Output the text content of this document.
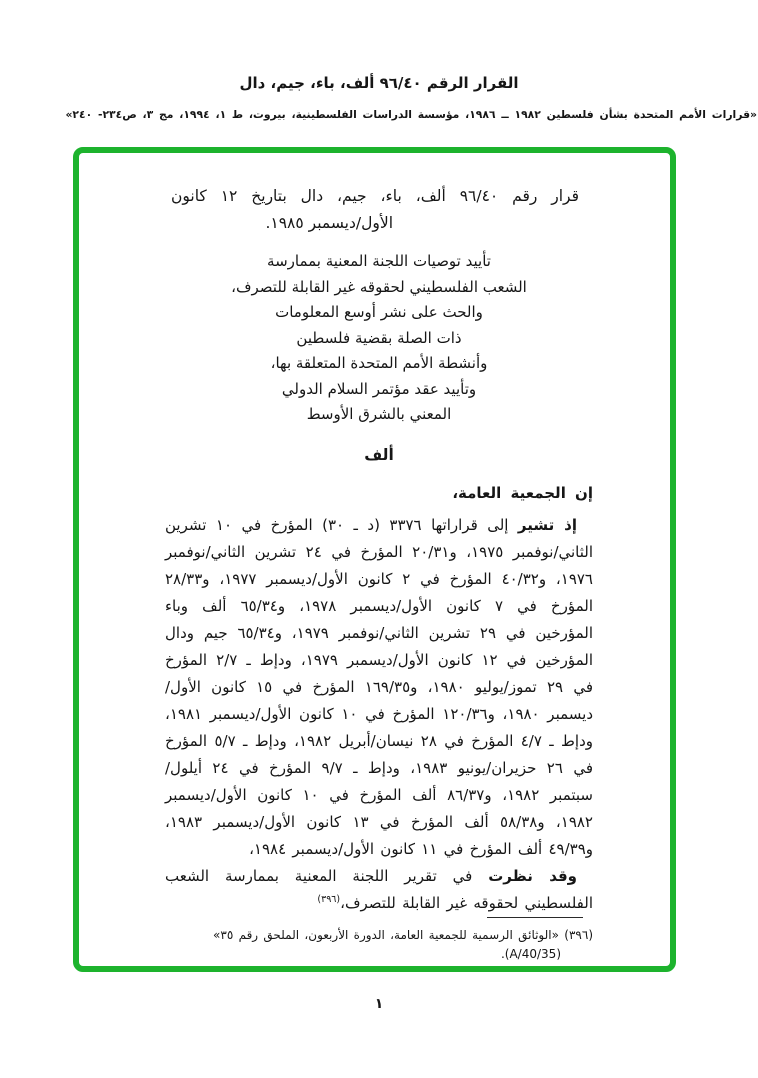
القرار الرقم ٩٦/٤٠ ألف، باء، جيم، دال
«قرارات الأمم المتحدة بشأن فلسطين ١٩٨٢ ــ ١٩٨٦، مؤسسة الدراسات الفلسطينية، بيروت، ط ١، ١٩٩٤، مج ٣، ص٢٣٤- ٢٤٠»
قرار رقم ٩٦/٤٠ ألف، باء، جيم، دال بتاريخ ١٢ كانون
الأول/ديسمبر ١٩٨٥.
تأييد توصيات اللجنة المعنية بممارسة
الشعب الفلسطيني لحقوقه غير القابلة للتصرف،
والحث على نشر أوسع المعلومات
ذات الصلة بقضية فلسطين
وأنشطة الأمم المتحدة المتعلقة بها،
وتأييد عقد مؤتمر السلام الدولي
المعني بالشرق الأوسط
ألف

إن الجمعية العامة،

إذ تشير إلى قراراتها ٣٣٧٦ (د ـ ٣٠) المؤرخ في ١٠ تشرين الثاني/نوفمبر ١٩٧٥، و٢٠/٣١ المؤرخ في ٢٤ تشرين الثاني/نوفمبر ١٩٧٦، و٤٠/٣٢ المؤرخ في ٢ كانون الأول/ديسمبر ١٩٧٧، و٢٨/٣٣ المؤرخ في ٧ كانون الأول/ديسمبر ١٩٧٨، و٦٥/٣٤ ألف وباء المؤرخين في ٢٩ تشرين الثاني/نوفمبر ١٩٧٩، و٦٥/٣٤ جيم ودال المؤرخين في ١٢ كانون الأول/ديسمبر ١٩٧٩، ودإط ـ ٢/٧ المؤرخ في ٢٩ تموز/يوليو ١٩٨٠، و١٦٩/٣٥ المؤرخ في ١٥ كانون الأول/ديسمبر ١٩٨٠، و١٢٠/٣٦ المؤرخ في ١٠ كانون الأول/ديسمبر ١٩٨١، ودإط ـ ٤/٧ المؤرخ في ٢٨ نيسان/أبريل ١٩٨٢، ودإط ـ ٥/٧ المؤرخ في ٢٦ حزيران/يونيو ١٩٨٣، ودإط ـ ٩/٧ المؤرخ في ٢٤ أيلول/سبتمبر ١٩٨٢، و٨٦/٣٧ ألف المؤرخ في ١٠ كانون الأول/ديسمبر ١٩٨٢، و٥٨/٣٨ ألف المؤرخ في ١٣ كانون الأول/ديسمبر ١٩٨٣، و٤٩/٣٩ ألف المؤرخ في ١١ كانون الأول/ديسمبر ١٩٨٤،

وقد نظرت في تقرير اللجنة المعنية بممارسة الشعب الفلسطيني لحقوقه غير القابلة للتصرف،$^{(٣٩٦)}$

(٣٩٦) «الوثائق الرسمية للجمعية العامة، الدورة الأربعون، الملحق رقم ٣٥»
(A/40/35).
١
